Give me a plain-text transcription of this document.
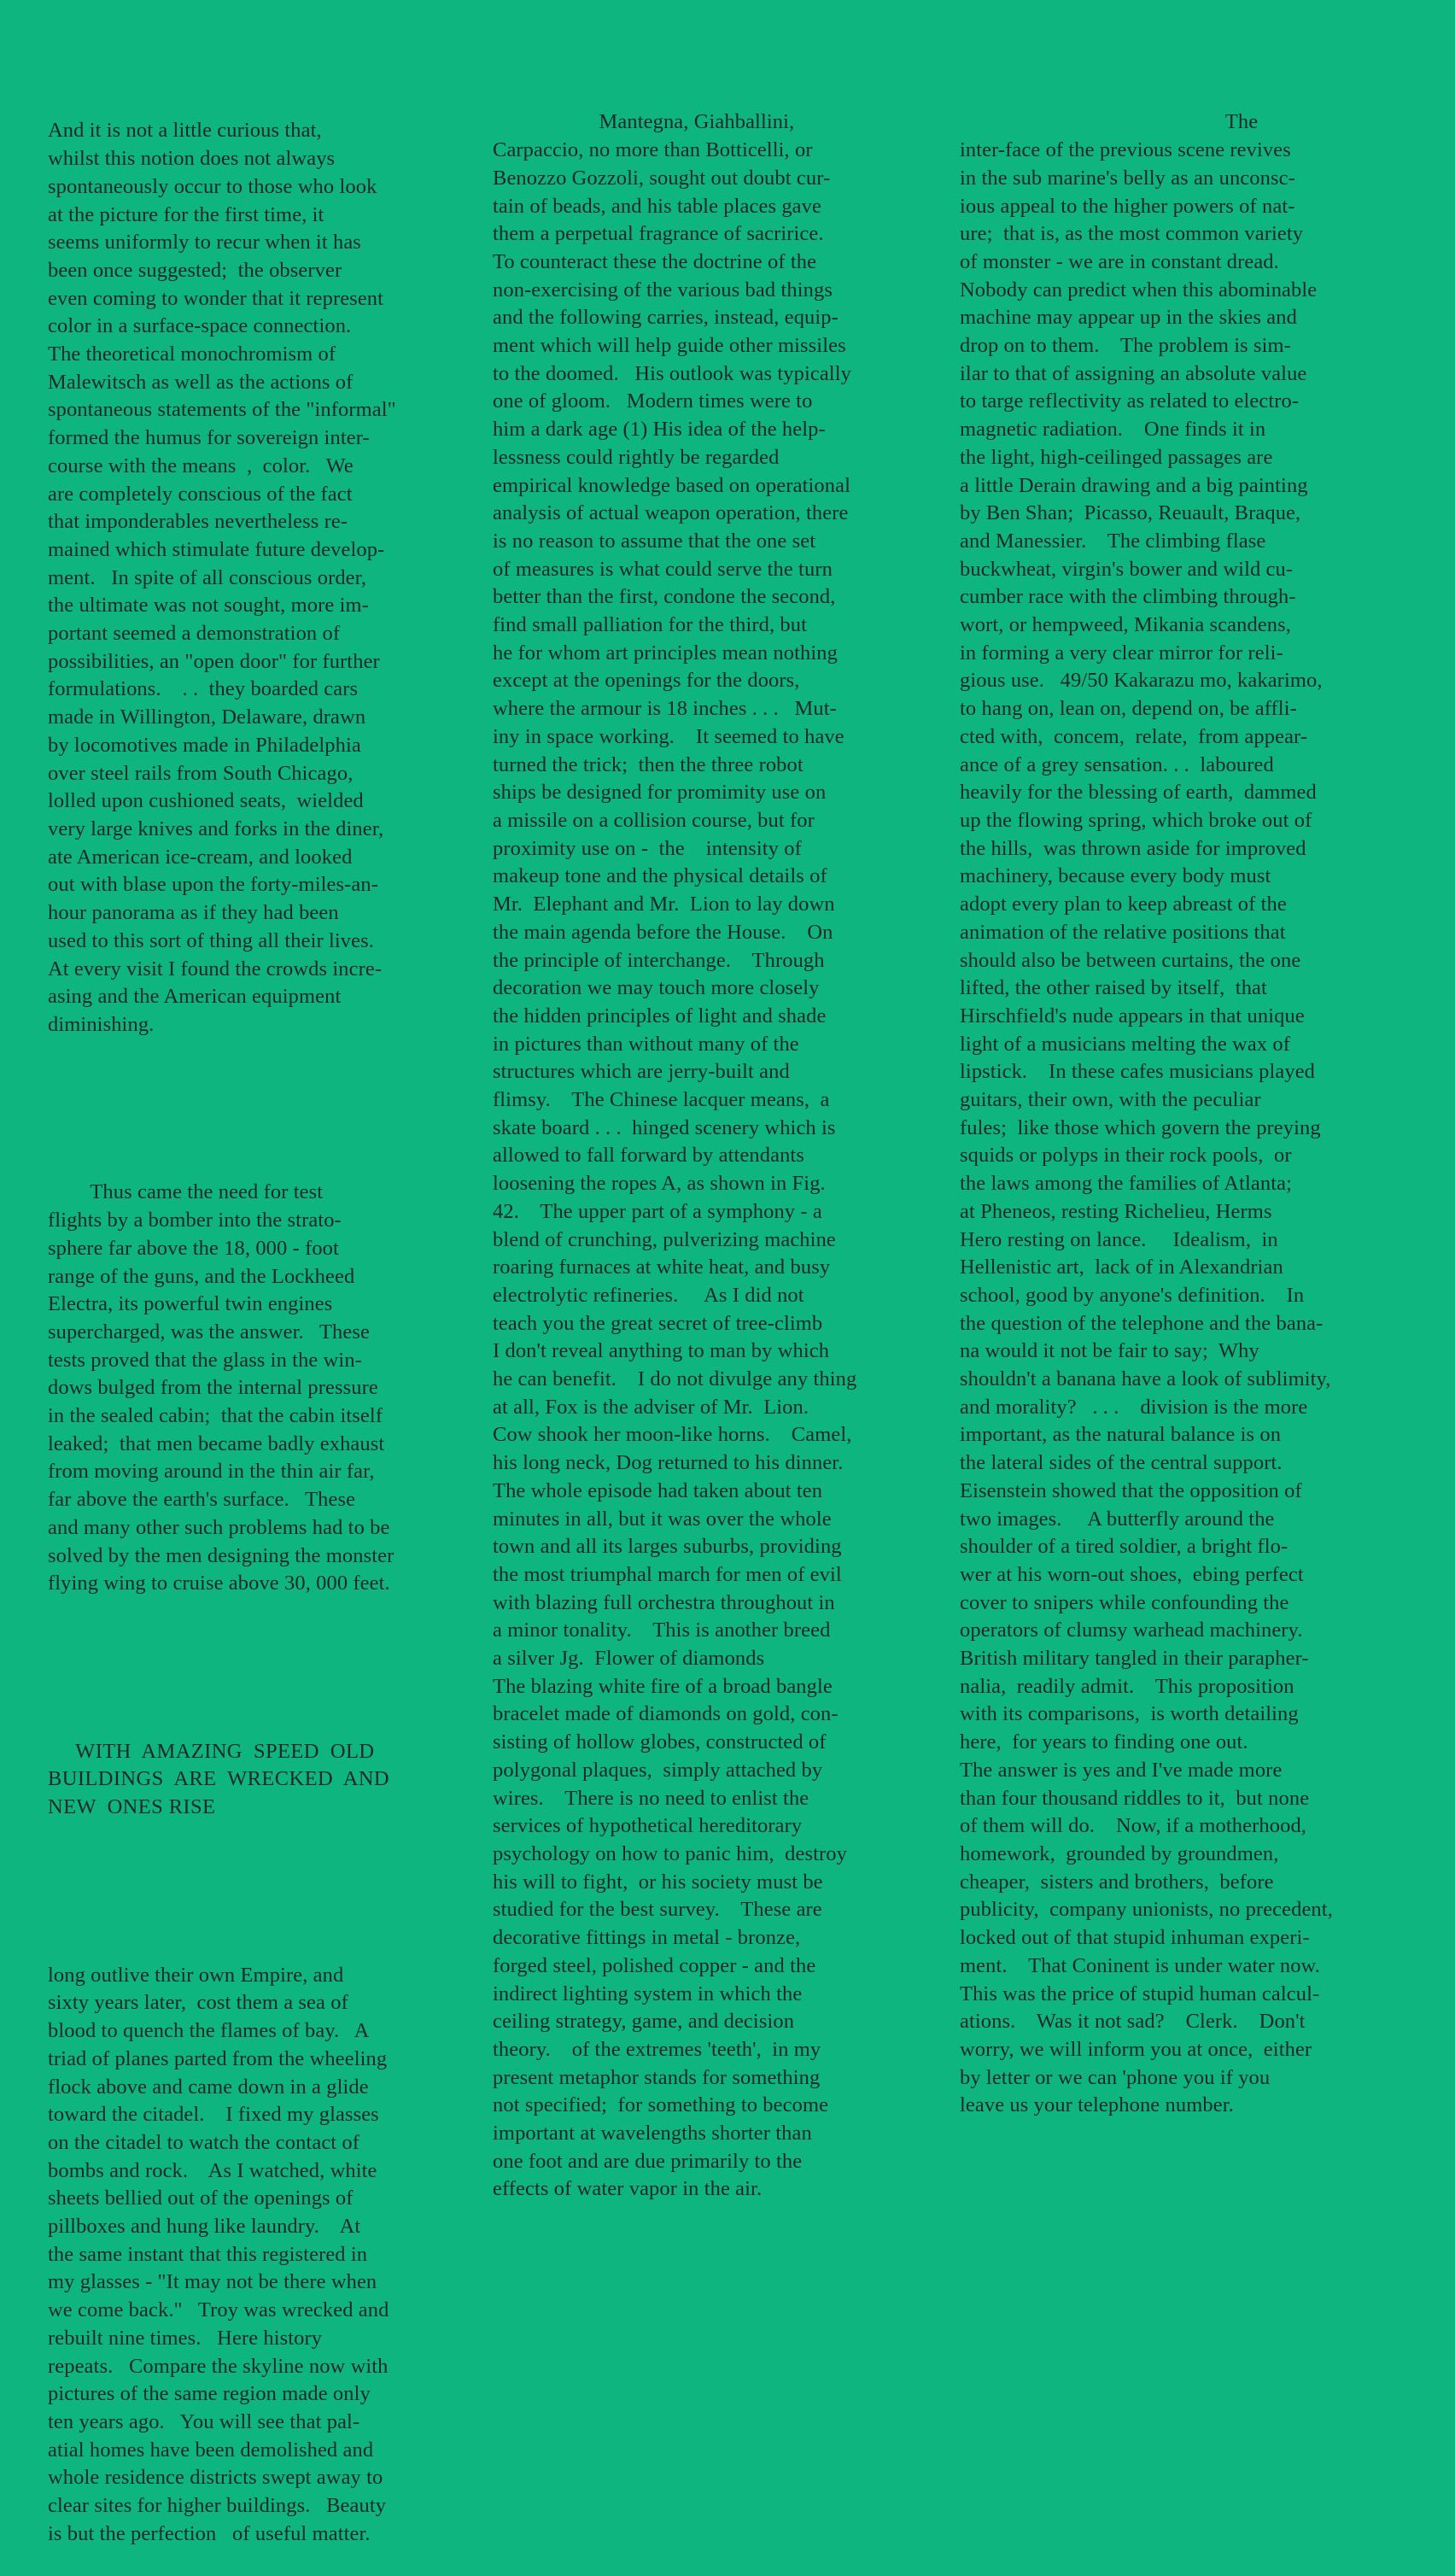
And it is not a little curious that,
whilst this notion does not always
spontaneously occur to those who look
at the picture for the first time, it
seems uniformly to recur when it has
been once suggested;  the observer
even coming to wonder that it represent
color in a surface-space connection.
The theoretical monochromism of
Malewitsch as well as the actions of
spontaneous statements of the "informal"
formed the humus for sovereign inter-
course with the means  ,  color.   We
are completely conscious of the fact
that imponderables nevertheless re-
mained which stimulate future develop-
ment.   In spite of all conscious order,
the ultimate was not sought, more im-
portant seemed a demonstration of
possibilities, an "open door" for further
formulations.    . .  they boarded cars
made in Willington, Delaware, drawn
by locomotives made in Philadelphia
over steel rails from South Chicago,
lolled upon cushioned seats,  wielded
very large knives and forks in the diner,
ate American ice-cream, and looked
out with blase upon the forty-miles-an-
hour panorama as if they had been
used to this sort of thing all their lives.
At every visit I found the crowds incre-
asing and the American equipment
diminishing.

Thus came the need for test
flights by a bomber into the strato-
sphere far above the 18, 000 - foot
range of the guns, and the Lockheed
Electra, its powerful twin engines
supercharged, was the answer.   These
tests proved that the glass in the win-
dows bulged from the internal pressure
in the sealed cabin;  that the cabin itself
leaked;  that men became badly exhaust
from moving around in the thin air far,
far above the earth's surface.   These
and many other such problems had to be
solved by the men designing the monster
flying wing to cruise above 30, 000 feet.

WITH  AMAZING  SPEED  OLD
BUILDINGS  ARE  WRECKED  AND
NEW  ONES RISE

long outlive their own Empire, and
sixty years later,  cost them a sea of
blood to quench the flames of bay.   A
triad of planes parted from the wheeling
flock above and came down in a glide
toward the citadel.    I fixed my glasses
on the citadel to watch the contact of
bombs and rock.    As I watched, white
sheets bellied out of the openings of
pillboxes and hung like laundry.    At
the same instant that this registered in
my glasses - "It may not be there when
we come back."   Troy was wrecked and
rebuilt nine times.   Here history
repeats.   Compare the skyline now with
pictures of the same region made only
ten years ago.   You will see that pal-
atial homes have been demolished and
whole residence districts swept away to
clear sites for higher buildings.   Beauty
is but the perfection   of useful matter.

Mantegna, Giahballini,
Carpaccio, no more than Botticelli, or
Benozzo Gozzoli, sought out doubt cur-
tain of beads, and his table places gave
them a perpetual fragrance of sacririce.
To counteract these the doctrine of the
non-exercising of the various bad things
and the following carries, instead, equip-
ment which will help guide other missiles
to the doomed.   His outlook was typically
one of gloom.   Modern times were to
him a dark age (1) His idea of the help-
lessness could rightly be regarded
empirical knowledge based on operational
analysis of actual weapon operation, there
is no reason to assume that the one set
of measures is what could serve the turn
better than the first, condone the second,
find small palliation for the third, but
he for whom art principles mean nothing
except at the openings for the doors,
where the armour is 18 inches . . .   Mut-
iny in space working.    It seemed to have
turned the trick;  then the three robot
ships be designed for promimity use on
a missile on a collision course, but for
proximity use on -  the    intensity of
makeup tone and the physical details of
Mr.  Elephant and Mr.  Lion to lay down
the main agenda before the House.    On
the principle of interchange.    Through
decoration we may touch more closely
the hidden principles of light and shade
in pictures than without many of the
structures which are jerry-built and
flimsy.    The Chinese lacquer means,  a
skate board . . .  hinged scenery which is
allowed to fall forward by attendants
loosening the ropes A, as shown in Fig.
42.    The upper part of a symphony - a
blend of crunching, pulverizing machine
roaring furnaces at white heat, and busy
electrolytic refineries.     As I did not
teach you the great secret of tree-climb
I don't reveal anything to man by which
he can benefit.    I do not divulge any thing
at all, Fox is the adviser of Mr.  Lion.
Cow shook her moon-like horns.    Camel,
his long neck, Dog returned to his dinner.
The whole episode had taken about ten
minutes in all, but it was over the whole
town and all its larges suburbs, providing
the most triumphal march for men of evil
with blazing full orchestra throughout in
a minor tonality.    This is another breed
a silver Jg.  Flower of diamonds
The blazing white fire of a broad bangle
bracelet made of diamonds on gold, con-
sisting of hollow globes, constructed of
polygonal plaques,  simply attached by
wires.    There is no need to enlist the
services of hypothetical hereditorary
psychology on how to panic him,  destroy
his will to fight,  or his society must be
studied for the best survey.    These are
decorative fittings in metal - bronze,
forged steel, polished copper - and the
indirect lighting system in which the
ceiling strategy, game, and decision
theory.    of the extremes 'teeth',  in my
present metaphor stands for something
not specified;  for something to become
important at wavelengths shorter than
one foot and are due primarily to the
effects of water vapor in the air.

The
inter-face of the previous scene revives
in the sub marine's belly as an unconsc-
ious appeal to the higher powers of nat-
ure;  that is, as the most common variety
of monster - we are in constant dread.
Nobody can predict when this abominable
machine may appear up in the skies and
drop on to them.    The problem is sim-
ilar to that of assigning an absolute value
to targe reflectivity as related to electro-
magnetic radiation.    One finds it in
the light, high-ceilinged passages are
a little Derain drawing and a big painting
by Ben Shan;  Picasso, Reuault, Braque,
and Manessier.    The climbing flase
buckwheat, virgin's bower and wild cu-
cumber race with the climbing through-
wort, or hempweed, Mikania scandens,
in forming a very clear mirror for reli-
gious use.   49/50 Kakarazu mo, kakarimo,
to hang on, lean on, depend on, be affli-
cted with,  concem,  relate,  from appear-
ance of a grey sensation. . .  laboured
heavily for the blessing of earth,  dammed
up the flowing spring, which broke out of
the hills,  was thrown aside for improved
machinery, because every body must
adopt every plan to keep abreast of the
animation of the relative positions that
should also be between curtains, the one
lifted, the other raised by itself,  that
Hirschfield's nude appears in that unique
light of a musicians melting the wax of
lipstick.    In these cafes musicians played
guitars, their own, with the peculiar
fules;  like those which govern the preying
squids or polyps in their rock pools,  or
the laws among the families of Atlanta;
at Pheneos, resting Richelieu, Herms
Hero resting on lance.     Idealism,  in
Hellenistic art,  lack of in Alexandrian
school, good by anyone's definition.    In
the question of the telephone and the bana-
na would it not be fair to say;  Why
shouldn't a banana have a look of sublimity,
and morality?   . . .    division is the more
important, as the natural balance is on
the lateral sides of the central support.
Eisenstein showed that the opposition of
two images.     A butterfly around the
shoulder of a tired soldier, a bright flo-
wer at his worn-out shoes,  ebing perfect
cover to snipers while confounding the
operators of clumsy warhead machinery.
British military tangled in their parapher-
nalia,  readily admit.    This proposition
with its comparisons,  is worth detailing
here,  for years to finding one out.
The answer is yes and I've made more
than four thousand riddles to it,  but none
of them will do.    Now, if a motherhood,
homework,  grounded by groundmen,
cheaper,  sisters and brothers,  before
publicity,  company unionists, no precedent,
locked out of that stupid inhuman experi-
ment.    That Coninent is under water now.
This was the price of stupid human calcul-
ations.    Was it not sad?    Clerk.    Don't
worry, we will inform you at once,  either
by letter or we can 'phone you if you
leave us your telephone number.
